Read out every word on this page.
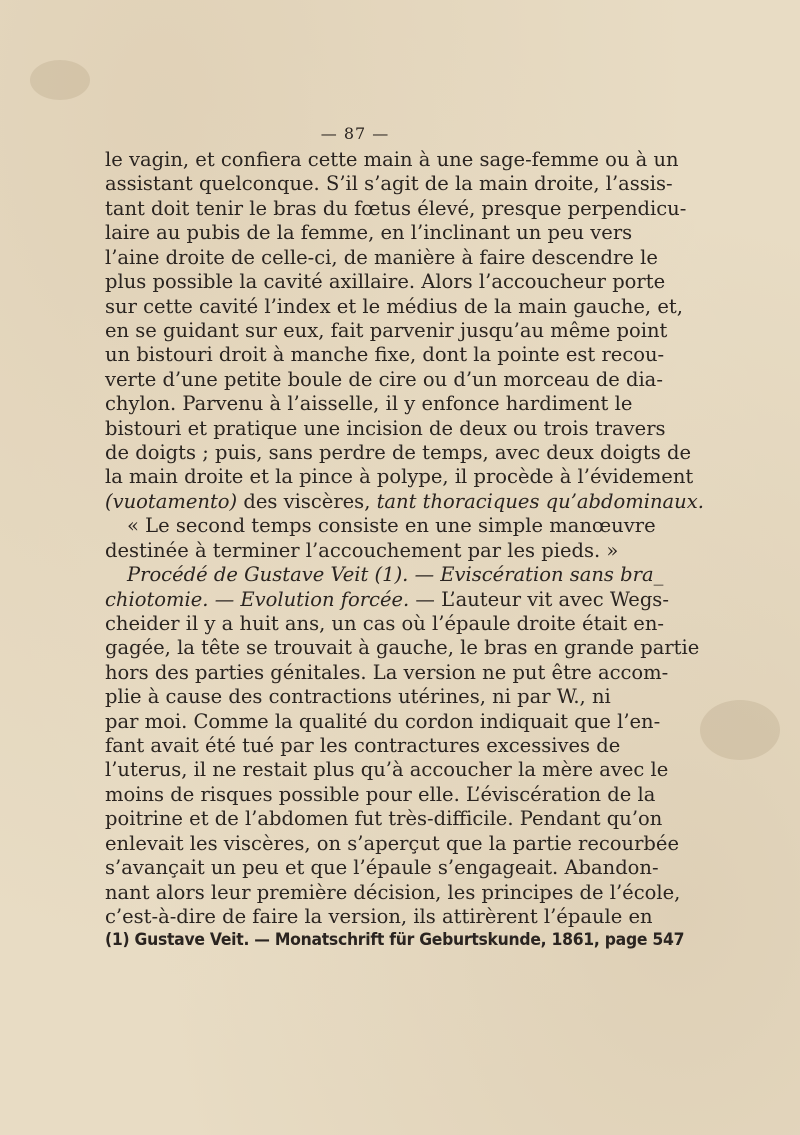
— 87 —
le vagin, et confiera cette main à une sage-femme ou à un
assistant quelconque. S’il s’agit de la main droite, l’assis-
tant doit tenir le bras du fœtus élevé, presque perpendicu-
laire au pubis de la femme, en l’inclinant un peu vers
l’aine droite de celle-ci, de manière à faire descendre le
plus possible la cavité axillaire. Alors l’accoucheur porte
sur cette cavité l’index et le médius de la main gauche, et,
en se guidant sur eux, fait parvenir jusqu’au même point
un bistouri droit à manche fixe, dont la pointe est recou-
verte d’une petite boule de cire ou d’un morceau de dia-
chylon. Parvenu à l’aisselle, il y enfonce hardiment le
bistouri et pratique une incision de deux ou trois travers
de doigts ; puis, sans perdre de temps, avec deux doigts de
la main droite et la pince à polype, il procède à l’évidement
(vuotamento) des viscères, tant thoraciques qu’abdominaux.
« Le second temps consiste en une simple manœuvre
destinée à terminer l’accouchement par les pieds. »
Procédé de Gustave Veit (1). — Eviscération sans bra_
chiotomie. — Evolution forcée. — L’auteur vit avec Wegs-
cheider il y a huit ans, un cas où l’épaule droite était en-
gagée, la tête se trouvait à gauche, le bras en grande partie
hors des parties génitales. La version ne put être accom-
plie à cause des contractions utérines, ni par W., ni
par moi. Comme la qualité du cordon indiquait que l’en-
fant avait été tué par les contractures excessives de
l’uterus, il ne restait plus qu’à accoucher la mère avec le
moins de risques possible pour elle. L’éviscération de la
poitrine et de l’abdomen fut très-difficile. Pendant qu’on
enlevait les viscères, on s’aperçut que la partie recourbée
s’avançait un peu et que l’épaule s’engageait. Abandon-
nant alors leur première décision, les principes de l’école,
c’est-à-dire de faire la version, ils attirèrent l’épaule en
(1) Gustave Veit. — Monatschrift für Geburtskunde, 1861, page 547
